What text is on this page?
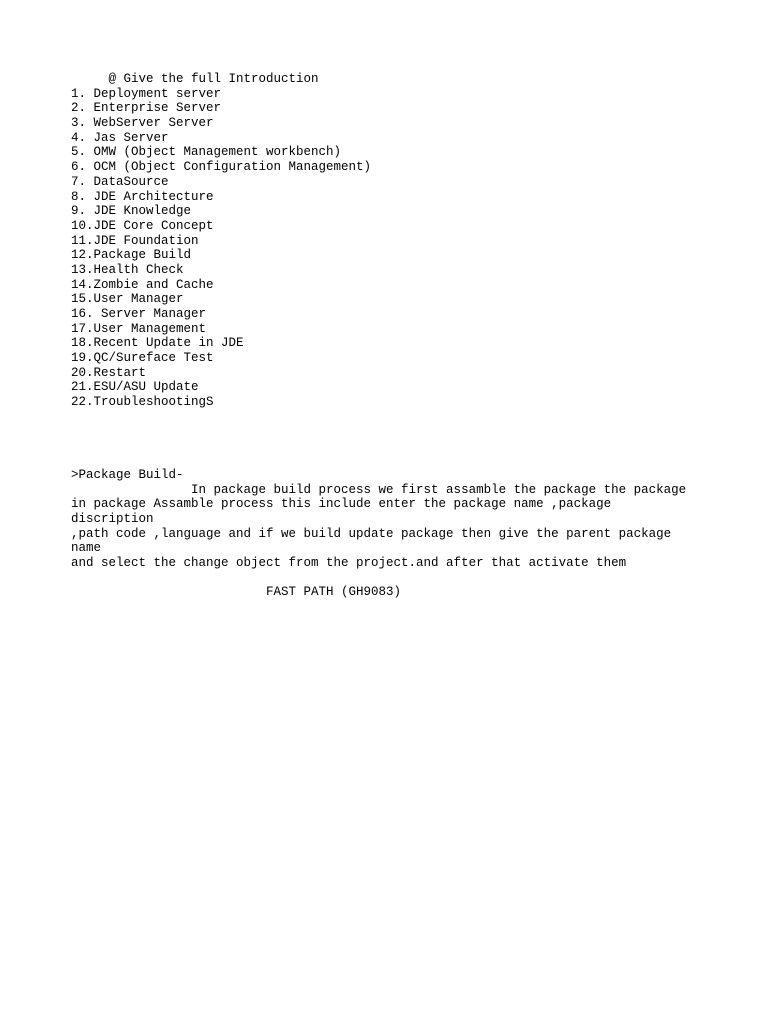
@ Give the full Introduction
1. Deployment server
2. Enterprise Server
3. WebServer Server
4. Jas Server
5. OMW (Object Management workbench)
6. OCM (Object Configuration Management)
7. DataSource
8. JDE Architecture
9. JDE Knowledge
10.JDE Core Concept
11.JDE Foundation
12.Package Build
13.Health Check
14.Zombie and Cache
15.User Manager
16. Server Manager
17.User Management
18.Recent Update in JDE
19.QC/Sureface Test
20.Restart
21.ESU/ASU Update
22.TroubleshootingS
>Package Build-
In package build process we first assamble the package the package
in package Assamble process this include enter the package name ,package
discription
,path code ,language and if we build update package then give the parent package
name
and select the change object from the project.and after that activate them
FAST PATH (GH9083)
